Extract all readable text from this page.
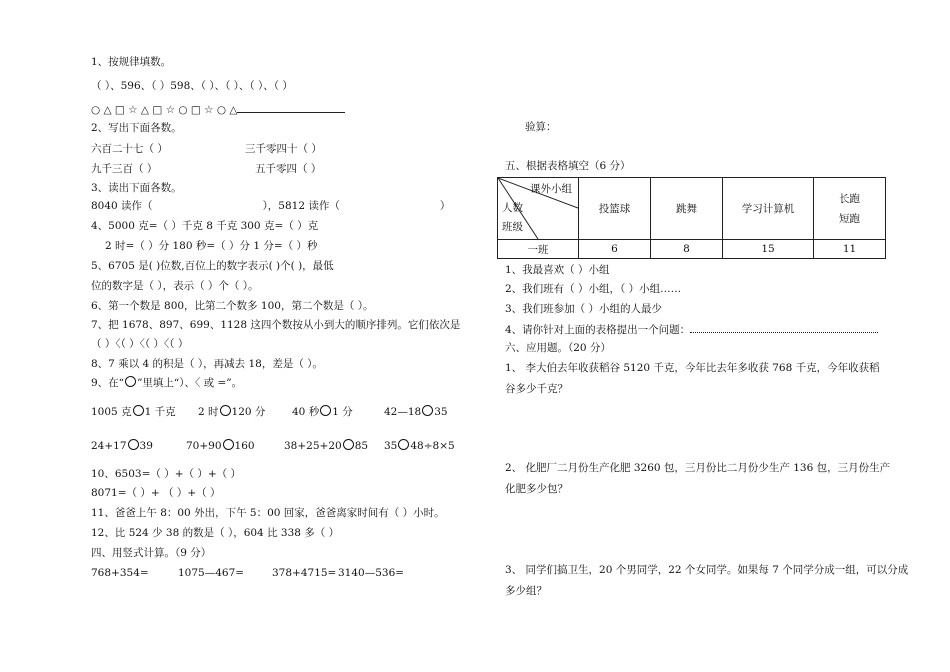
1、按规律填数。
（ ）、596、（ ）598、（ ）、（ ）、（ ）、（ ）
○ △ □ ☆ △ □ ☆ ○ □ ☆ ○ △
2、写出下面各数。
六百二十七（ ）	三千零四十（ ）
九千三百（ ）	五千零四（ ）
3、读出下面各数。
8040 读作（	），5812 读作（	）
4、5000 克=（ ）千克 8 千克 300 克=（ ）克
2 时=（ ）分 180 秒=（ ）分 1 分=（ ）秒
5、6705 是( )位数,百位上的数字表示( )个( )，最低
位的数字是（ ），表示（ ）个（ ）。
6、第一个数是 800，比第二个数多 100，第二个数是（ ）。
7、把 1678、897、699、1128 这四个数按从小到大的顺序排列。它们依次是
（ ）〈（ ）〈（ ）〈（ ）
8、7 乘以 4 的积是（ ），再减去 18，差是（ ）。
9、在“ ”里填上“）、〈 或 =”。
1005 克 1 千克 2 时 120 分	40 秒 1 分	42—18 35
24+17 39	70+90 160	38+25+20 85 35 48÷8×5
10、6503=（ ）+（ ）+（ ）
8071=（ ）+ （ ）+（ ）
11、爸爸上午 8：00 外出，下午 5：00 回家，爸爸离家时间有（ ）小时。
12、比 524 少 38 的数是（ ），604 比 338 多（ ）
四、用竖式计算。（9 分）
768+354=	1075—467=	378+4715= 3140—536=
验算：
五、根据表格填空（6 分）
课外小组
人数
班级	投篮球	跳舞	学习计算机	长跑
短跑
一班	6	8	15	11
1、我最喜欢（ ）小组
2、我们班有（ ）小组，（ ）小组……
3、我们班参加（ ）小组的人最少
4、请你针对上面的表格提出一个问题：
六、应用题。（20 分）
1、 李大伯去年收获稻谷 5120 千克，今年比去年多收获 768 千克，今年收获稻
谷多少千克？
2、 化肥厂二月份生产化肥 3260 包，三月份比二月份少生产 136 包，三月份生产
化肥多少包？
3、 同学们搞卫生，20 个男同学，22 个女同学。如果每 7 个同学分成一组，可以分成
多少组？
